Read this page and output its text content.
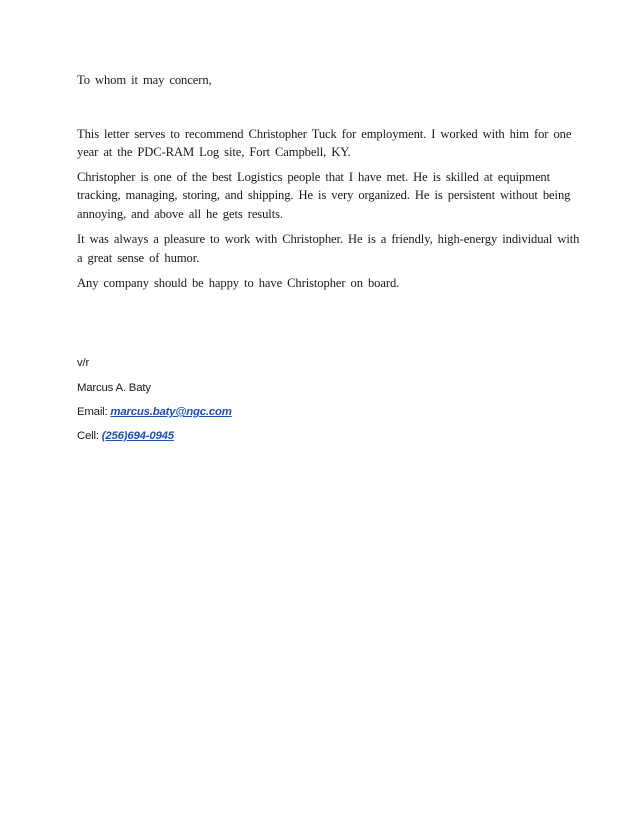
To whom it may concern,
This letter serves to recommend Christopher Tuck for employment. I worked with him for one
year at the PDC-RAM Log site, Fort Campbell, KY.
Christopher is one of the best Logistics people that I have met. He is skilled at equipment
tracking, managing, storing, and shipping. He is very organized. He is persistent without being
annoying, and above all he gets results.
It was always a pleasure to work with Christopher. He is a friendly, high-energy individual with
a great sense of humor.
Any company should be happy to have Christopher on board.
v/r
Marcus A. Baty
Email: marcus.baty@ngc.com
Cell: (256)694-0945
